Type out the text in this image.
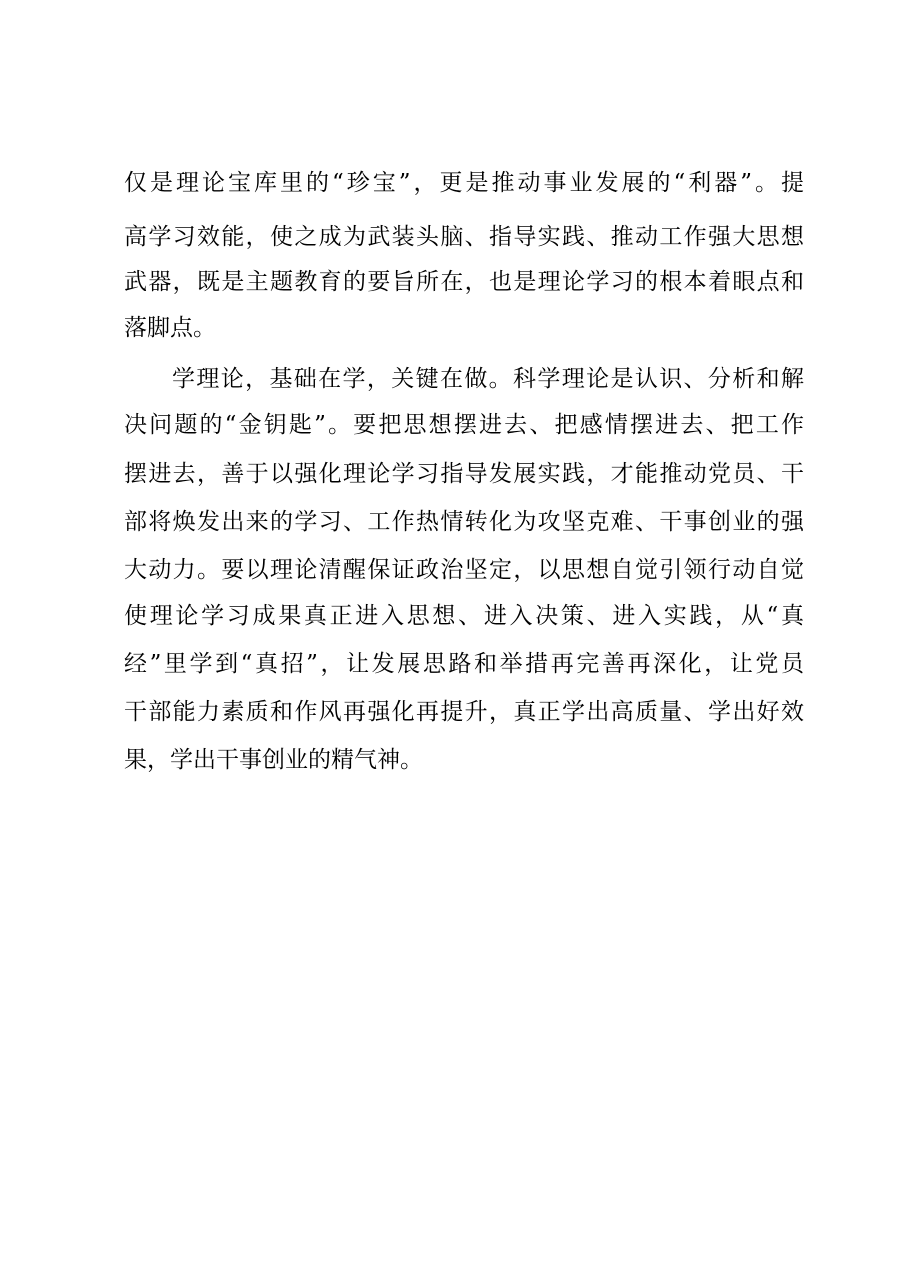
仅是理论宝库里的“珍宝”，更是推动事业发展的“利器”。提
高学习效能，使之成为武装头脑、指导实践、推动工作强大思想
武器，既是主题教育的要旨所在，也是理论学习的根本着眼点和
落脚点。
学理论，基础在学，关键在做。科学理论是认识、分析和解
决问题的“金钥匙”。要把思想摆进去、把感情摆进去、把工作
摆进去，善于以强化理论学习指导发展实践，才能推动党员、干
部将焕发出来的学习、工作热情转化为攻坚克难、干事创业的强
大动力。要以理论清醒保证政治坚定，以思想自觉引领行动自觉
使理论学习成果真正进入思想、进入决策、进入实践，从“真
经”里学到“真招”，让发展思路和举措再完善再深化，让党员
干部能力素质和作风再强化再提升，真正学出高质量、学出好效
果，学出干事创业的精气神。
